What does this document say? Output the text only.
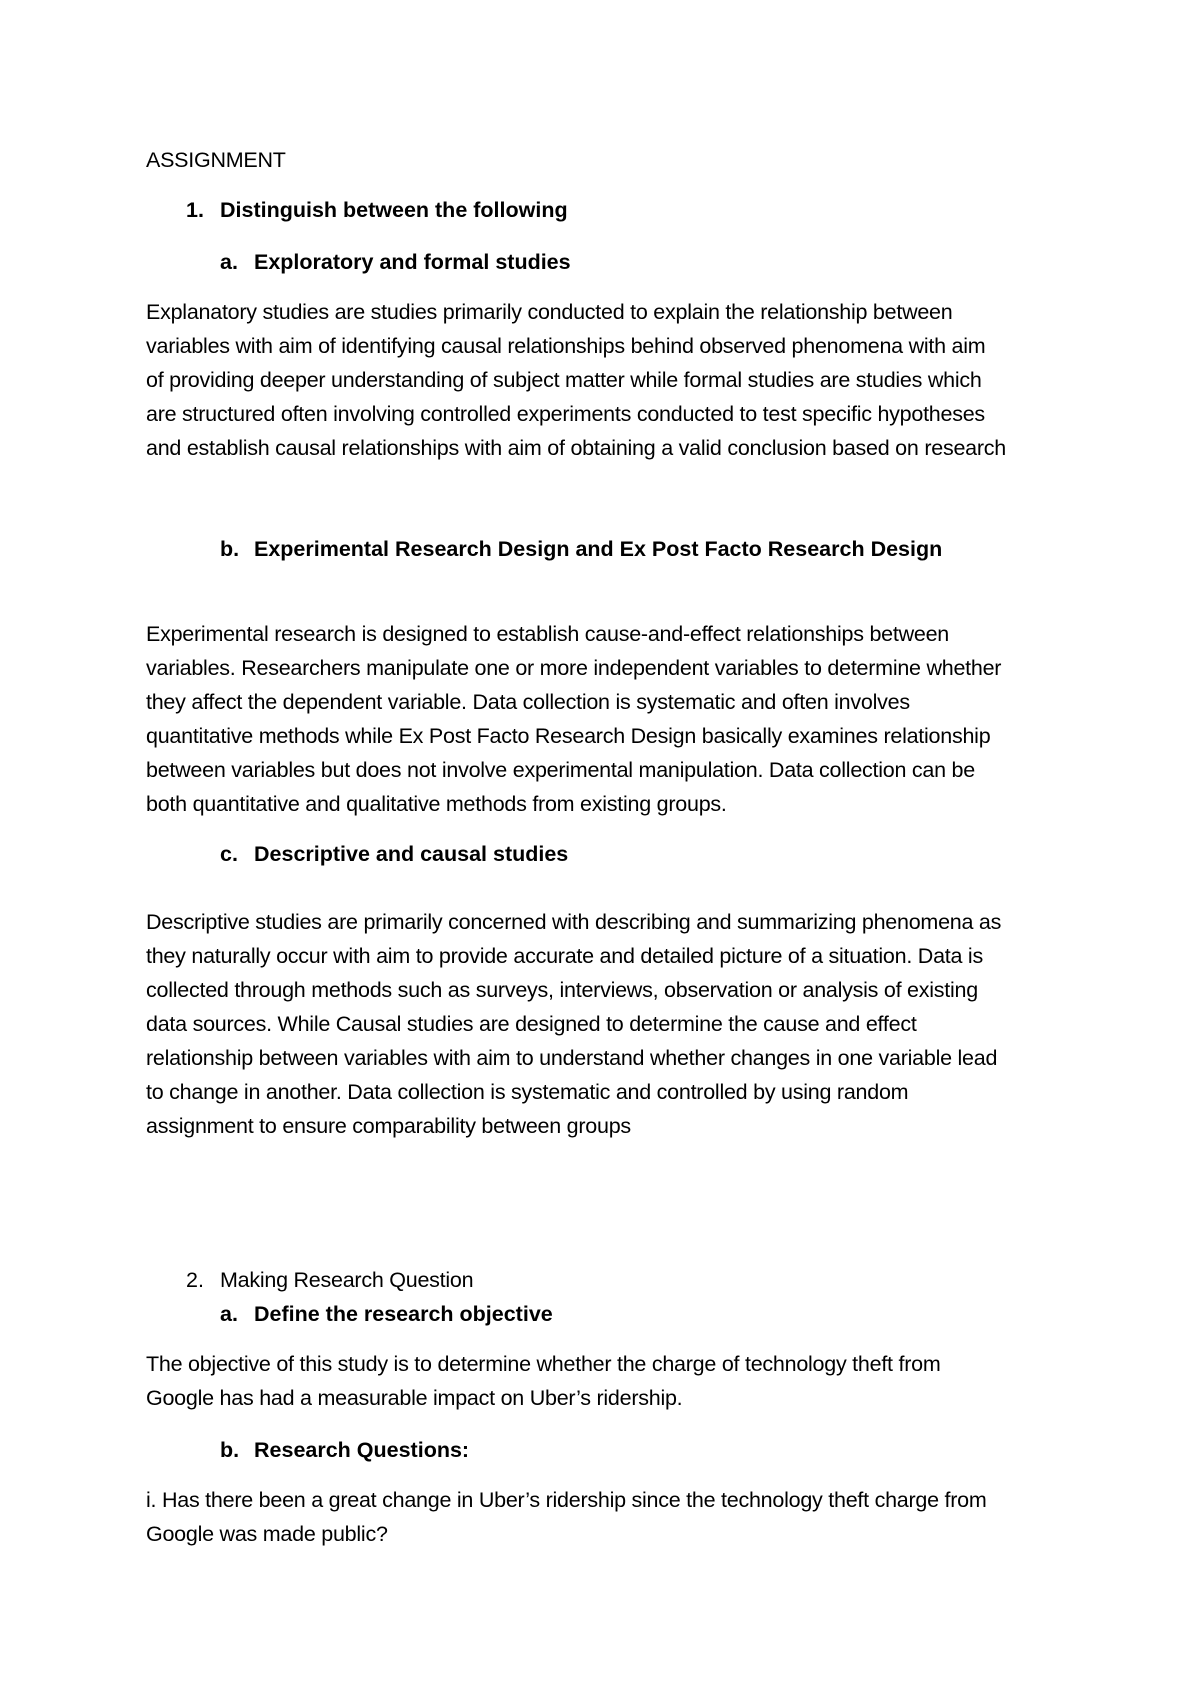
ASSIGNMENT
1. Distinguish between the following
a. Exploratory and formal studies
Explanatory studies are studies primarily conducted to explain the relationship between
variables with aim of identifying causal relationships behind observed phenomena with aim
of providing deeper understanding of subject matter while formal studies are studies which
are structured often involving controlled experiments conducted to test specific hypotheses
and establish causal relationships with aim of obtaining a valid conclusion based on research
b. Experimental Research Design and Ex Post Facto Research Design
Experimental research is designed to establish cause-and-effect relationships between
variables. Researchers manipulate one or more independent variables to determine whether
they affect the dependent variable. Data collection is systematic and often involves
quantitative methods while Ex Post Facto Research Design basically examines relationship
between variables but does not involve experimental manipulation. Data collection can be
both quantitative and qualitative methods from existing groups.
c. Descriptive and causal studies
Descriptive studies are primarily concerned with describing and summarizing phenomena as
they naturally occur with aim to provide accurate and detailed picture of a situation. Data is
collected through methods such as surveys, interviews, observation or analysis of existing
data sources. While Causal studies are designed to determine the cause and effect
relationship between variables with aim to understand whether changes in one variable lead
to change in another. Data collection is systematic and controlled by using random
assignment to ensure comparability between groups
2. Making Research Question
a. Define the research objective
The objective of this study is to determine whether the charge of technology theft from
Google has had a measurable impact on Uber’s ridership.
b. Research Questions:
i. Has there been a great change in Uber’s ridership since the technology theft charge from
Google was made public?
